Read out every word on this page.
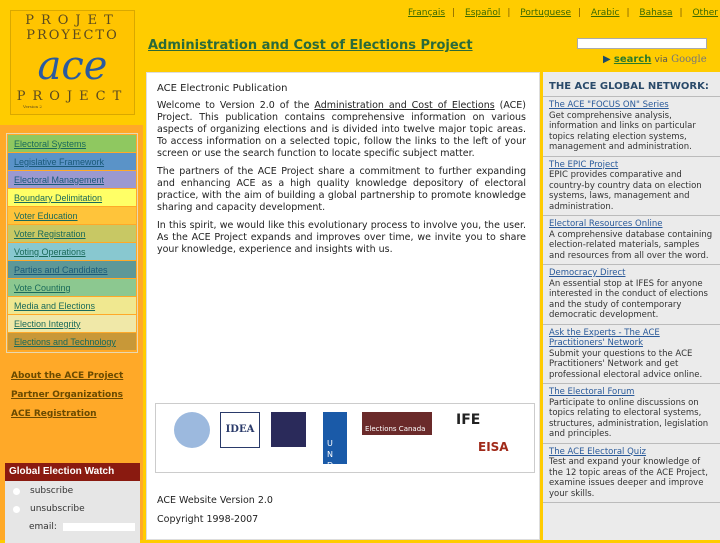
Français | Español | Portuguese | Arabic | Bahasa | Other
PROJET
PROYECTO
ace
PROJECT
Version 2
Administration and Cost of Elections Project
▶ search via Google
Electoral Systems
Legislative Framework
Electoral Management
Boundary Delimitation
Voter Education
Voter Registration
Voting Operations
Parties and Candidates
Vote Counting
Media and Elections
Election Integrity
Elections and Technology
About the ACE Project
Partner Organizations
ACE Registration
Global Election Watch
subscribe
unsubscribe
email:
ACE Electronic Publication

Welcome to Version 2.0 of the Administration and Cost of Elections (ACE) Project. This publication contains comprehensive information on various aspects of organizing elections and is divided into twelve major topic areas. To access information on a selected topic, follow the links to the left of your screen or use the search function to locate specific subject matter.

The partners of the ACE Project share a commitment to further expanding and enhancing ACE as a high quality knowledge depository of electoral practice, with the aim of building a global partnership to promote knowledge sharing and capacity development.

In this spirit, we would like this evolutionary process to involve you, the user. As the ACE Project expands and improves over time, we invite you to share your knowledge, experience and insights with us.

IDEA
UNDP
Elections Canada
IFE
EISA
ACE Website Version 2.0
Copyright 1998-2007
THE ACE GLOBAL NETWORK:
The ACE "FOCUS ON" Series
Get comprehensive analysis, information and links on particular topics relating election systems, management and administration.
The EPIC Project
EPIC provides comparative and country-by country data on election systems, laws, management and administration.
Electoral Resources Online
A comprehensive database containing election-related materials, samples and resources from all over the word.
Democracy Direct
An essential stop at IFES for anyone interested in the conduct of elections and the study of contemporary democratic development.
Ask the Experts - The ACE Practitioners' Network
Submit your questions to the ACE Practitioners' Network and get professional electoral advice online.
The Electoral Forum
Participate to online discussions on topics relating to electoral systems, structures, administration, legislation and principles.
The ACE Electoral Quiz
Test and expand your knowledge of the 12 topic areas of the ACE Project, examine issues deeper and improve your skills.
